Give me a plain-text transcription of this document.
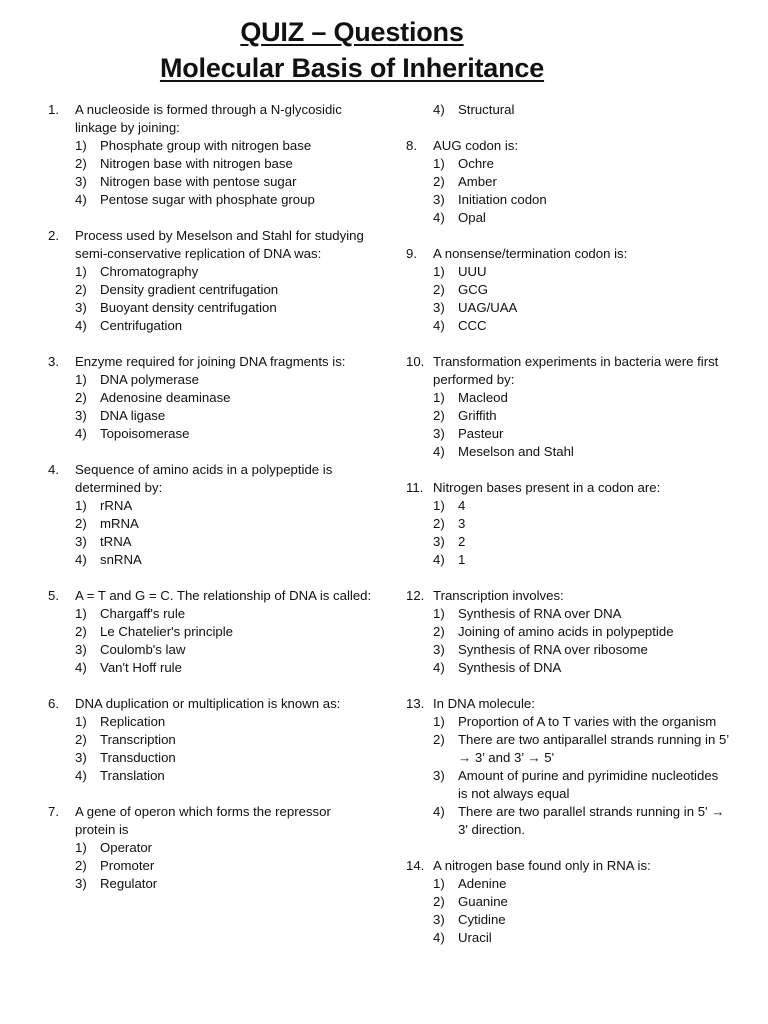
QUIZ – Questions
Molecular Basis of Inheritance
1.	A nucleoside is formed through a N-glycosidic linkage by joining:
1)	Phosphate group with nitrogen base
2)	Nitrogen base with nitrogen base
3)	Nitrogen base with pentose sugar
4)	Pentose sugar with phosphate group
2.	Process used by Meselson and Stahl for studying semi-conservative replication of DNA was:
1)	Chromatography
2)	Density gradient centrifugation
3)	Buoyant density centrifugation
4)	Centrifugation
3.	Enzyme required for joining DNA fragments is:
1)	DNA polymerase
2)	Adenosine deaminase
3)	DNA ligase
4)	Topoisomerase
4.	Sequence of amino acids in a polypeptide is determined by:
1)	rRNA
2)	mRNA
3)	tRNA
4)	snRNA
5.	A = T and G = C. The relationship of DNA is called:
1)	Chargaff's rule
2)	Le Chatelier's principle
3)	Coulomb's law
4)	Van't Hoff rule
6.	DNA duplication or multiplication is known as:
1)	Replication
2)	Transcription
3)	Transduction
4)	Translation
7.	A gene of operon which forms the repressor protein is
1)	Operator
2)	Promoter
3)	Regulator
4)	Structural
8.	AUG codon is:
1)	Ochre
2)	Amber
3)	Initiation codon
4)	Opal
9.	A nonsense/termination codon is:
1)	UUU
2)	GCG
3)	UAG/UAA
4)	CCC
10. Transformation experiments in bacteria were first performed by:
1)	Macleod
2)	Griffith
3)	Pasteur
4)	Meselson and Stahl
11. Nitrogen bases present in a codon are:
1)	4
2)	3
3)	2
4)	1
12. Transcription involves:
1)	Synthesis of RNA over DNA
2)	Joining of amino acids in polypeptide
3)	Synthesis of RNA over ribosome
4)	Synthesis of DNA
13. In DNA molecule:
1)	Proportion of A to T varies with the organism
2)	There are two antiparallel strands running in 5’ → 3’ and 3’ → 5'
3)	Amount of purine and pyrimidine nucleotides is not always equal
4)	There are two parallel strands running in 5' → 3' direction.
14. A nitrogen base found only in RNA is:
1)	Adenine
2)	Guanine
3)	Cytidine
4)	Uracil
